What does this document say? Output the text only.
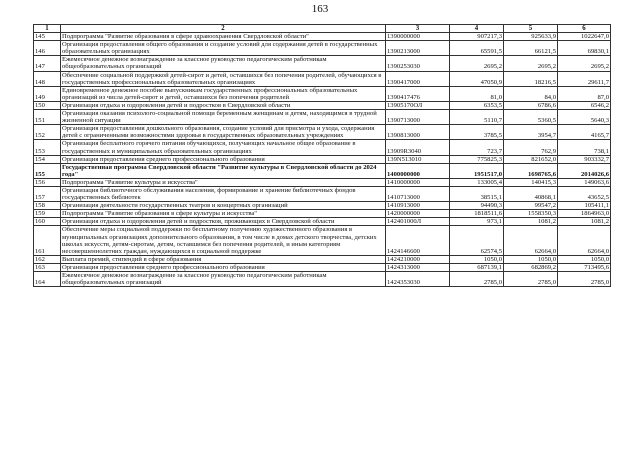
163
1	2	3	4	5	6
145	Подпрограмма "Развитие образования в сфере здравоохранения Свердловской области"	1390000000	907217,3	925633,9	1022647,0
146	Организация предоставления общего образования и создание условий для содержания детей в государственных образовательных организациях	1390213000	65591,5	66121,5	69830,1
147	Ежемесячное денежное вознаграждение за классное руководство педагогическим работникам общеобразовательных организаций	1390253030	2695,2	2695,2	2695,2
148	Обеспечение социальной поддержкой детей-сирот и детей, оставшихся без попечения родителей, обучающихся в государственных профессиональных образовательных организациях	1390417000	47050,9	18216,5	29611,7
149	Единовременное денежное пособие выпускникам государственных профессиональных образовательных организаций из числа детей-сирот и детей, оставшихся без попечения родителей	1390417476	81,0	84,0	87,0
150	Организация отдыха и оздоровления детей и подростков в Свердловской области	13905170ОЛ	6353,5	6786,6	6546,2
151	Организация оказания психолого-социальной помощи беременным женщинам и детям, находящимся в трудной жизненной ситуации	1390713000	5110,7	5360,5	5640,3
152	Организация предоставления дошкольного образования, создание условий для присмотра и ухода, содержания детей с ограниченными возможностями здоровья в государственных образовательных учреждениях	1390813000	3785,5	3954,7	4165,7
153	Организация бесплатного горячего питания обучающихся, получающих начальное общее образование в государственных и муниципальных образовательных организациях	13909R3040	723,7	762,9	738,1
154	Организация предоставления среднего профессионального образования	139N513010	775825,3	821652,0	903332,7
155	Государственная программа Свердловской области "Развитие культуры в Свердловской области до 2024 года"	1400000000	1951517,0	1698765,6	2014026,6
156	Подпрограмма "Развитие культуры и искусства"	1410000000	133005,4	140415,3	149063,6
157	Организация библиотечного обслуживания населения, формирование и хранение библиотечных фондов государственных библиотек	1410713000	38515,1	40868,1	43652,5
158	Организация деятельности государственных театров и концертных организаций	1410913000	94490,3	99547,2	105411,1
159	Подпрограмма "Развитие образования в сфере культуры и искусства"	1420000000	1818511,6	1558350,3	1864963,0
160	Организация отдыха и оздоровления детей и подростков, проживающих в Свердловской области	142401000Л	973,1	1081,2	1081,2
161	Обеспечение меры социальной поддержки по бесплатному получению художественного образования в муниципальных организациях дополнительного образования, в том числе в домах детского творчества, детских школах искусств, детям-сиротам, детям, оставшимся без попечения родителей, и иным категориям несовершеннолетних граждан, нуждающихся в социальной поддержке	1424146600	62574,5	62664,0	62664,0
162	Выплата премий, стипендий в сфере образования	1424210000	1050,0	1050,0	1050,0
163	Организация предоставления среднего профессионального образования	1424313000	687139,1	682869,2	713495,6
164	Ежемесячное денежное вознаграждение за классное руководство педагогическим работникам общеобразовательных организаций	1424353030	2785,0	2785,0	2785,0
